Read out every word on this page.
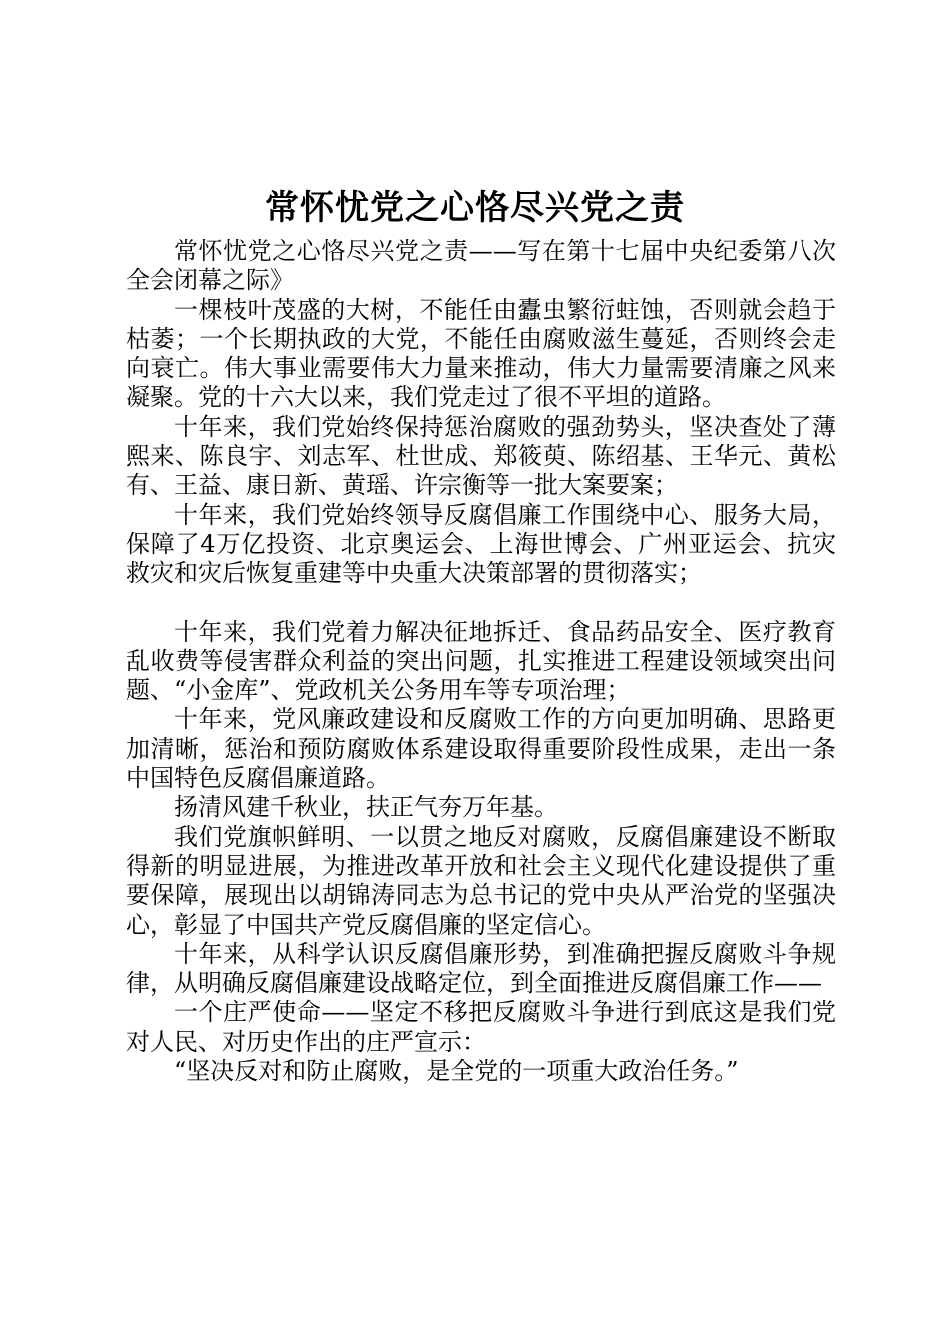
常怀忧党之心恪尽兴党之责

常怀忧党之心恪尽兴党之责——写在第十七届中央纪委第八次全会闭幕之际》

一棵枝叶茂盛的大树，不能任由蠹虫繁衍蛀蚀，否则就会趋于枯萎；一个长期执政的大党，不能任由腐败滋生蔓延，否则终会走向衰亡。伟大事业需要伟大力量来推动，伟大力量需要清廉之风来凝聚。党的十六大以来，我们党走过了很不平坦的道路。

十年来，我们党始终保持惩治腐败的强劲势头，坚决查处了薄熙来、陈良宇、刘志军、杜世成、郑筱萸、陈绍基、王华元、黄松有、王益、康日新、黄瑶、许宗衡等一批大案要案；

十年来，我们党始终领导反腐倡廉工作围绕中心、服务大局，保障了4万亿投资、北京奥运会、上海世博会、广州亚运会、抗灾救灾和灾后恢复重建等中央重大决策部署的贯彻落实；

十年来，我们党着力解决征地拆迁、食品药品安全、医疗教育乱收费等侵害群众利益的突出问题，扎实推进工程建设领域突出问题、“小金库”、党政机关公务用车等专项治理；

十年来，党风廉政建设和反腐败工作的方向更加明确、思路更加清晰，惩治和预防腐败体系建设取得重要阶段性成果，走出一条中国特色反腐倡廉道路。

扬清风建千秋业，扶正气夯万年基。

我们党旗帜鲜明、一以贯之地反对腐败，反腐倡廉建设不断取得新的明显进展，为推进改革开放和社会主义现代化建设提供了重要保障，展现出以胡锦涛同志为总书记的党中央从严治党的坚强决心，彰显了中国共产党反腐倡廉的坚定信心。

十年来，从科学认识反腐倡廉形势，到准确把握反腐败斗争规律，从明确反腐倡廉建设战略定位，到全面推进反腐倡廉工作——

一个庄严使命——坚定不移把反腐败斗争进行到底这是我们党对人民、对历史作出的庄严宣示：

“坚决反对和防止腐败，是全党的一项重大政治任务。”
